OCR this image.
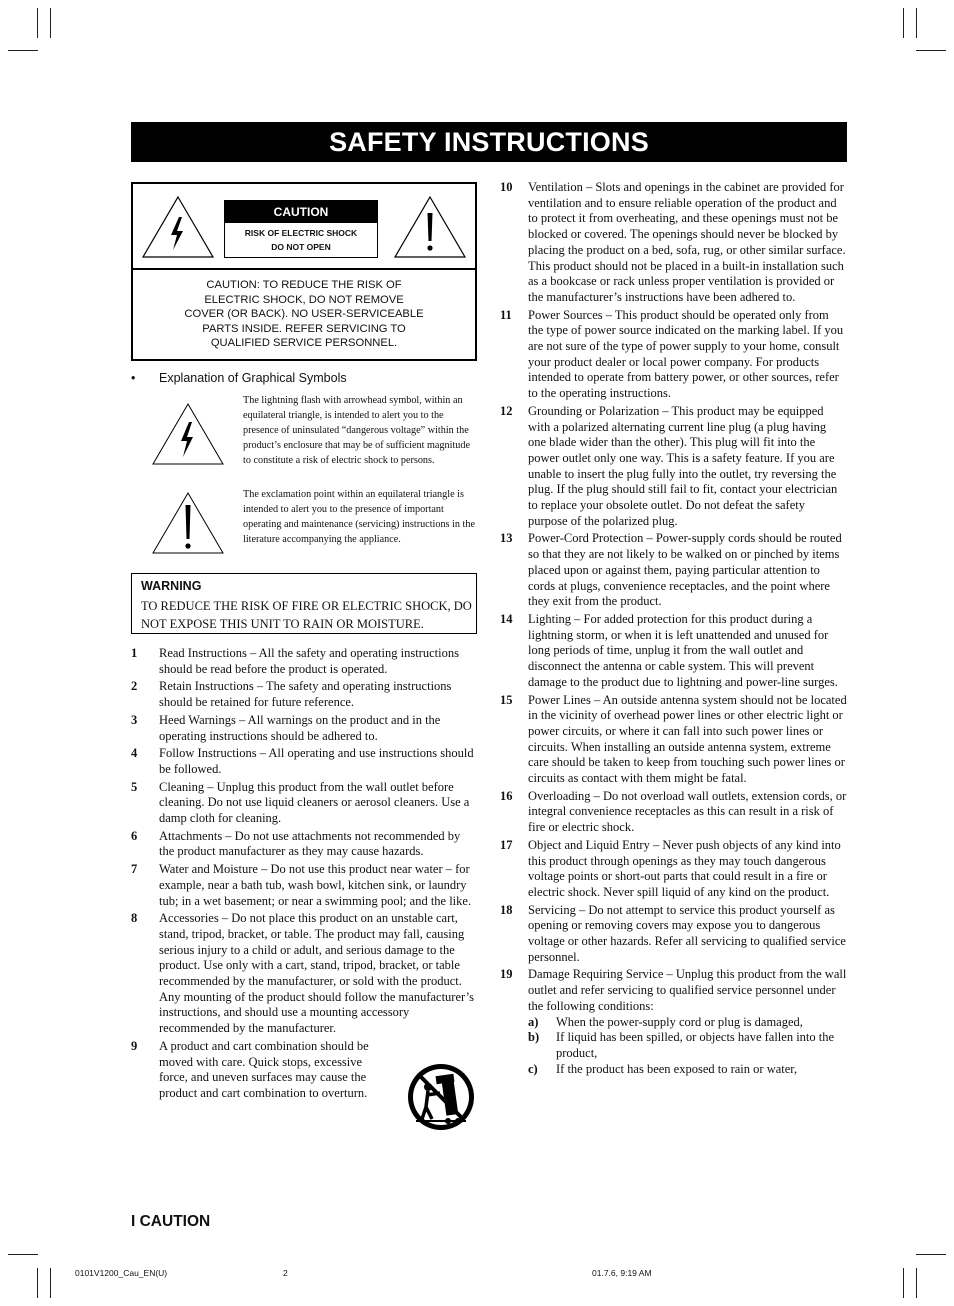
SAFETY INSTRUCTIONS
CAUTION
RISK OF ELECTRIC SHOCK
DO NOT OPEN
CAUTION: TO REDUCE THE RISK OF
ELECTRIC SHOCK, DO NOT REMOVE
COVER (OR BACK). NO USER-SERVICEABLE
PARTS INSIDE. REFER SERVICING TO
QUALIFIED SERVICE PERSONNEL.
• Explanation of Graphical Symbols
The lightning flash with arrowhead symbol, within an equilateral triangle, is intended to alert you to the presence of uninsulated “dangerous voltage” within the product’s enclosure that may be of sufficient magnitude to constitute a risk of electric shock to persons.
The exclamation point within an equilateral triangle is intended to alert you to the presence of important operating and maintenance (servicing) instructions in the literature accompanying the appliance.
WARNING
TO REDUCE THE RISK OF FIRE OR ELECTRIC SHOCK, DO NOT EXPOSE THIS UNIT TO RAIN OR MOISTURE.
1 Read Instructions – All the safety and operating instructions should be read before the product is operated.
2 Retain Instructions – The safety and operating instructions should be retained for future reference.
3 Heed Warnings – All warnings on the product and in the operating instructions should be adhered to.
4 Follow Instructions – All operating and use instructions should be followed.
5 Cleaning – Unplug this product from the wall outlet before cleaning. Do not use liquid cleaners or aerosol cleaners. Use a damp cloth for cleaning.
6 Attachments – Do not use attachments not recommended by the product manufacturer as they may cause hazards.
7 Water and Moisture – Do not use this product near water – for example, near a bath tub, wash bowl, kitchen sink, or laundry tub; in a wet basement; or near a swimming pool; and the like.
8 Accessories – Do not place this product on an unstable cart, stand, tripod, bracket, or table. The product may fall, causing serious injury to a child or adult, and serious damage to the product. Use only with a cart, stand, tripod, bracket, or table recommended by the manufacturer, or sold with the product. Any mounting of the product should follow the manufacturer’s instructions, and should use a mounting accessory recommended by the manufacturer.
9 A product and cart combination should be moved with care. Quick stops, excessive force, and uneven surfaces may cause the product and cart combination to overturn.
10 Ventilation – Slots and openings in the cabinet are provided for ventilation and to ensure reliable operation of the product and to protect it from overheating, and these openings must not be blocked or covered. The openings should never be blocked by placing the product on a bed, sofa, rug, or other similar surface. This product should not be placed in a built-in installation such as a bookcase or rack unless proper ventilation is provided or the manufacturer’s instructions have been adhered to.
11 Power Sources – This product should be operated only from the type of power source indicated on the marking label. If you are not sure of the type of power supply to your home, consult your product dealer or local power company. For products intended to operate from battery power, or other sources, refer to the operating instructions.
12 Grounding or Polarization – This product may be equipped with a polarized alternating current line plug (a plug having one blade wider than the other). This plug will fit into the power outlet only one way. This is a safety feature. If you are unable to insert the plug fully into the outlet, try reversing the plug. If the plug should still fail to fit, contact your electrician to replace your obsolete outlet. Do not defeat the safety purpose of the polarized plug.
13 Power-Cord Protection – Power-supply cords should be routed so that they are not likely to be walked on or pinched by items placed upon or against them, paying particular attention to cords at plugs, convenience receptacles, and the point where they exit from the product.
14 Lighting – For added protection for this product during a lightning storm, or when it is left unattended and unused for long periods of time, unplug it from the wall outlet and disconnect the antenna or cable system. This will prevent damage to the product due to lightning and power-line surges.
15 Power Lines – An outside antenna system should not be located in the vicinity of overhead power lines or other electric light or power circuits, or where it can fall into such power lines or circuits. When installing an outside antenna system, extreme care should be taken to keep from touching such power lines or circuits as contact with them might be fatal.
16 Overloading – Do not overload wall outlets, extension cords, or integral convenience receptacles as this can result in a risk of fire or electric shock.
17 Object and Liquid Entry – Never push objects of any kind into this product through openings as they may touch dangerous voltage points or short-out parts that could result in a fire or electric shock. Never spill liquid of any kind on the product.
18 Servicing – Do not attempt to service this product yourself as opening or removing covers may expose you to dangerous voltage or other hazards. Refer all servicing to qualified service personnel.
19 Damage Requiring Service – Unplug this product from the wall outlet and refer servicing to qualified service personnel under the following conditions:
a) When the power-supply cord or plug is damaged,
b) If liquid has been spilled, or objects have fallen into the product,
c) If the product has been exposed to rain or water,
I CAUTION
0101V1200_Cau_EN(U)	2	01.7.6, 9:19 AM
